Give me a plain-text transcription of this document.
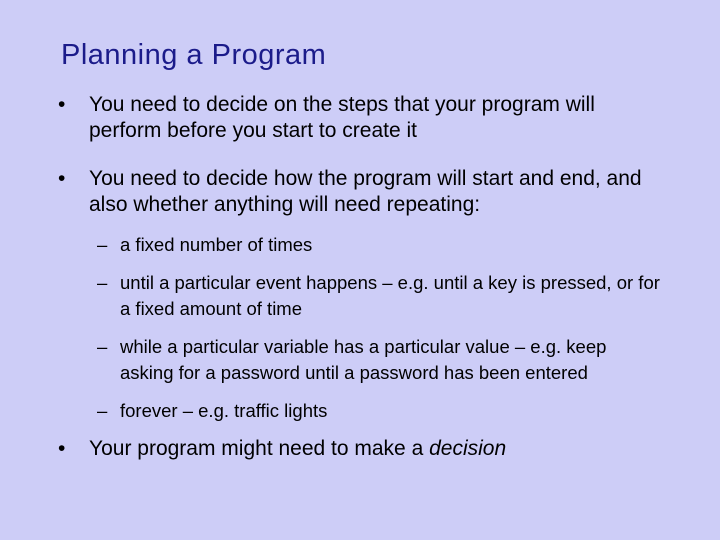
Planning a Program
• You need to decide on the steps that your program will perform before you start to create it
• You need to decide how the program will start and end, and also whether anything will need repeating:
– a fixed number of times
– until a particular event happens – e.g. until a key is pressed, or for a fixed amount of time
– while a particular variable has a particular value – e.g. keep asking for a password until a password has been entered
– forever – e.g. traffic lights
• Your program might need to make a decision
